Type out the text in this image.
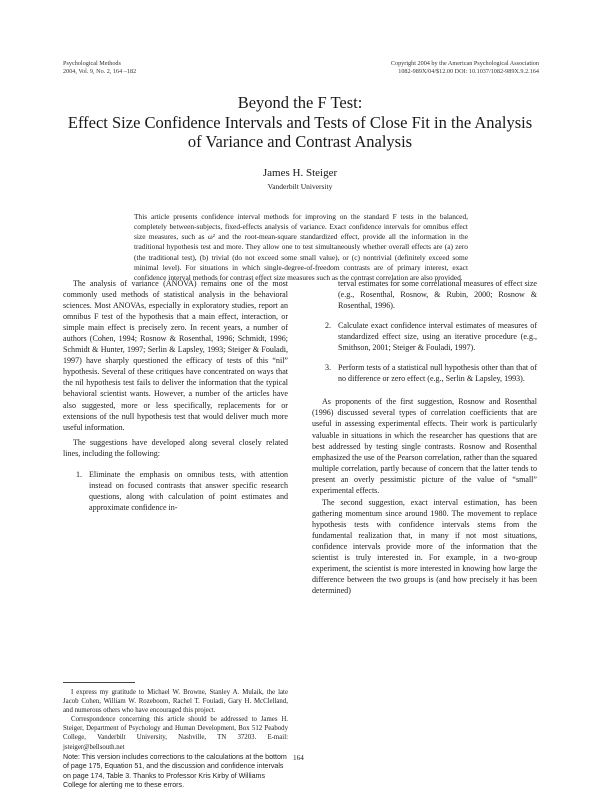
Psychological Methods
2004, Vol. 9, No. 2, 164 –182
Copyright 2004 by the American Psychological Association
1082-989X/04/$12.00 DOI: 10.1037/1082-989X.9.2.164
Beyond the F Test:
Effect Size Confidence Intervals and Tests of Close Fit in the Analysis
of Variance and Contrast Analysis
James H. Steiger
Vanderbilt University
This article presents confidence interval methods for improving on the standard F tests in the balanced, completely between-subjects, fixed-effects analysis of variance. Exact confidence intervals for omnibus effect size measures, such as ω² and the root-mean-square standardized effect, provide all the information in the traditional hypothesis test and more. They allow one to test simultaneously whether overall effects are (a) zero (the traditional test), (b) trivial (do not exceed some small value), or (c) nontrivial (definitely exceed some minimal level). For situations in which single-degree-of-freedom contrasts are of primary interest, exact confidence interval methods for contrast effect size measures such as the contrast correlation are also provided.

The analysis of variance (ANOVA) remains one of the most commonly used methods of statistical analysis in the behavioral sciences. Most ANOVAs, especially in exploratory studies, report an omnibus F test of the hypothesis that a main effect, interaction, or simple main effect is precisely zero. In recent years, a number of authors (Cohen, 1994; Rosnow & Rosenthal, 1996; Schmidt, 1996; Schmidt & Hunter, 1997; Serlin & Lapsley, 1993; Steiger & Fouladi, 1997) have sharply questioned the efficacy of tests of this “nil” hypothesis. Several of these critiques have concentrated on ways that the nil hypothesis test fails to deliver the information that the typical behavioral scientist wants. However, a number of the articles have also suggested, more or less specifically, replacements for or extensions of the null hypothesis test that would deliver much more useful information.

The suggestions have developed along several closely related lines, including the following:

1. Eliminate the emphasis on omnibus tests, with attention instead on focused contrasts that answer specific research questions, along with calculation of point estimates and approximate confidence in-
terval estimates for some correlational measures of effect size (e.g., Rosenthal, Rosnow, & Rubin, 2000; Rosnow & Rosenthal, 1996).
2. Calculate exact confidence interval estimates of measures of standardized effect size, using an iterative procedure (e.g., Smithson, 2001; Steiger & Fouladi, 1997).
3. Perform tests of a statistical null hypothesis other than that of no difference or zero effect (e.g., Serlin & Lapsley, 1993).

As proponents of the first suggestion, Rosnow and Rosenthal (1996) discussed several types of correlation coefficients that are useful in assessing experimental effects. Their work is particularly valuable in situations in which the researcher has questions that are best addressed by testing single contrasts. Rosnow and Rosenthal emphasized the use of the Pearson correlation, rather than the squared multiple correlation, partly because of concern that the latter tends to present an overly pessimistic picture of the value of “small” experimental effects.

The second suggestion, exact interval estimation, has been gathering momentum since around 1980. The movement to replace hypothesis tests with confidence intervals stems from the fundamental realization that, in many if not most situations, confidence intervals provide more of the information that the scientist is truly interested in. For example, in a two-group experiment, the scientist is more interested in knowing how large the difference between the two groups is (and how precisely it has been determined)

I express my gratitude to Michael W. Browne, Stanley A. Mulaik, the late Jacob Cohen, William W. Rozeboom, Rachel T. Fouladi, Gary H. McClelland, and numerous others who have encouraged this project.

Correspondence concerning this article should be addressed to James H. Steiger, Department of Psychology and Human Development, Box 512 Peabody College, Vanderbilt University, Nashville, TN 37203. E-mail: jsteiger@bellsouth.net

Note: This version includes corrections to the calculations at the bottom of page 175, Equation 51, and the discussion and confidence intervals on page 174, Table 3. Thanks to Professor Kris Kirby of Williams College for alerting me to these errors.
164
